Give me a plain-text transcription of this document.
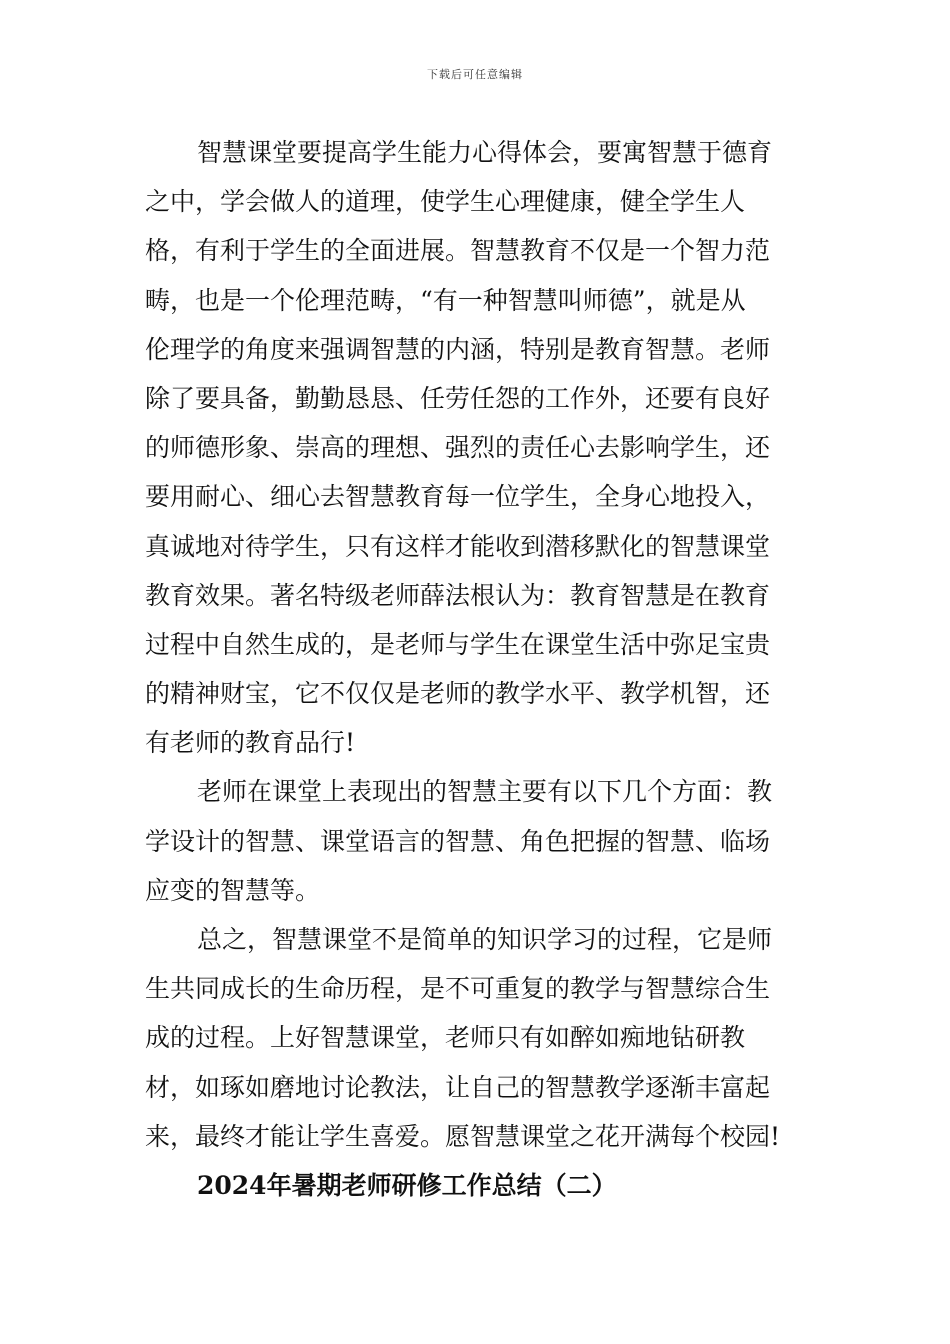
下载后可任意编辑
智慧课堂要提高学生能力心得体会，要寓智慧于德育
之中，学会做人的道理，使学生心理健康，健全学生人
格，有利于学生的全面进展。智慧教育不仅是一个智力范
畴，也是一个伦理范畴，“有一种智慧叫师德”，就是从
伦理学的角度来强调智慧的内涵，特别是教育智慧。老师
除了要具备，勤勤恳恳、任劳任怨的工作外，还要有良好
的师德形象、崇高的理想、强烈的责任心去影响学生，还
要用耐心、细心去智慧教育每一位学生，全身心地投入，
真诚地对待学生，只有这样才能收到潜移默化的智慧课堂
教育效果。著名特级老师薛法根认为：教育智慧是在教育
过程中自然生成的，是老师与学生在课堂生活中弥足宝贵
的精神财宝，它不仅仅是老师的教学水平、教学机智，还
有老师的教育品行!
老师在课堂上表现出的智慧主要有以下几个方面：教
学设计的智慧、课堂语言的智慧、角色把握的智慧、临场
应变的智慧等。
总之，智慧课堂不是简单的知识学习的过程，它是师
生共同成长的生命历程，是不可重复的教学与智慧综合生
成的过程。上好智慧课堂，老师只有如醉如痴地钻研教
材，如琢如磨地讨论教法，让自己的智慧教学逐渐丰富起
来，最终才能让学生喜爱。愿智慧课堂之花开满每个校园!
2024年暑期老师研修工作总结（二）
